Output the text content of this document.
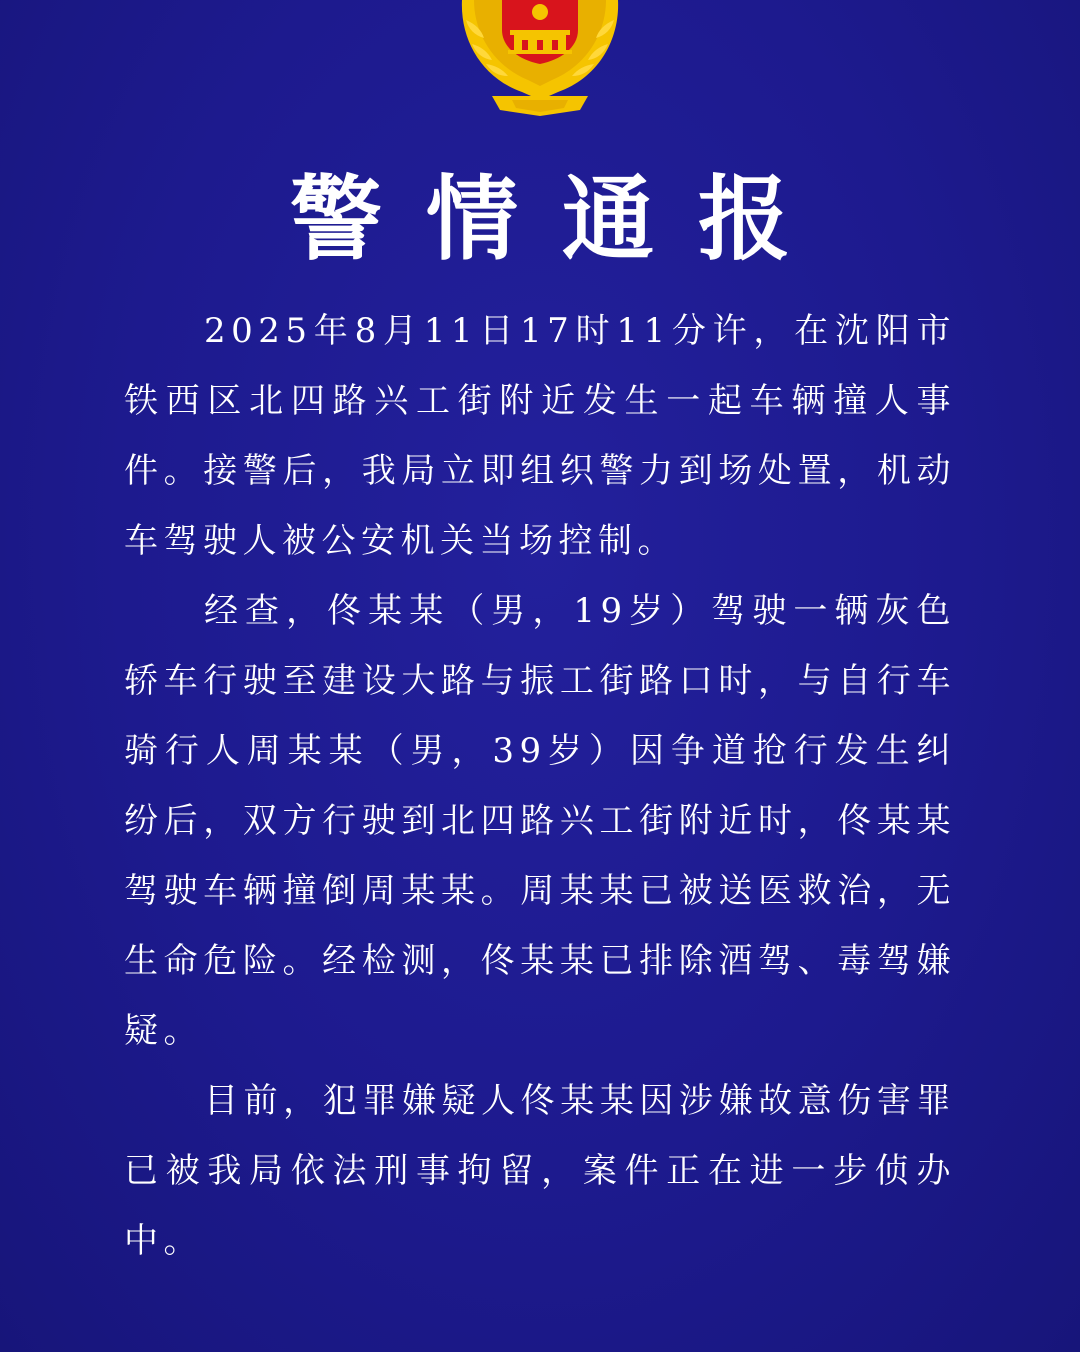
警情通报

2025年8月11日17时11分许，在沈阳市铁西区北四路兴工街附近发生一起车辆撞人事件。接警后，我局立即组织警力到场处置，机动车驾驶人被公安机关当场控制。

经查，佟某某（男，19岁）驾驶一辆灰色轿车行驶至建设大路与振工街路口时，与自行车骑行人周某某（男，39岁）因争道抢行发生纠纷后，双方行驶到北四路兴工街附近时，佟某某驾驶车辆撞倒周某某。周某某已被送医救治，无生命危险。经检测，佟某某已排除酒驾、毒驾嫌疑。

目前，犯罪嫌疑人佟某某因涉嫌故意伤害罪已被我局依法刑事拘留，案件正在进一步侦办中。
